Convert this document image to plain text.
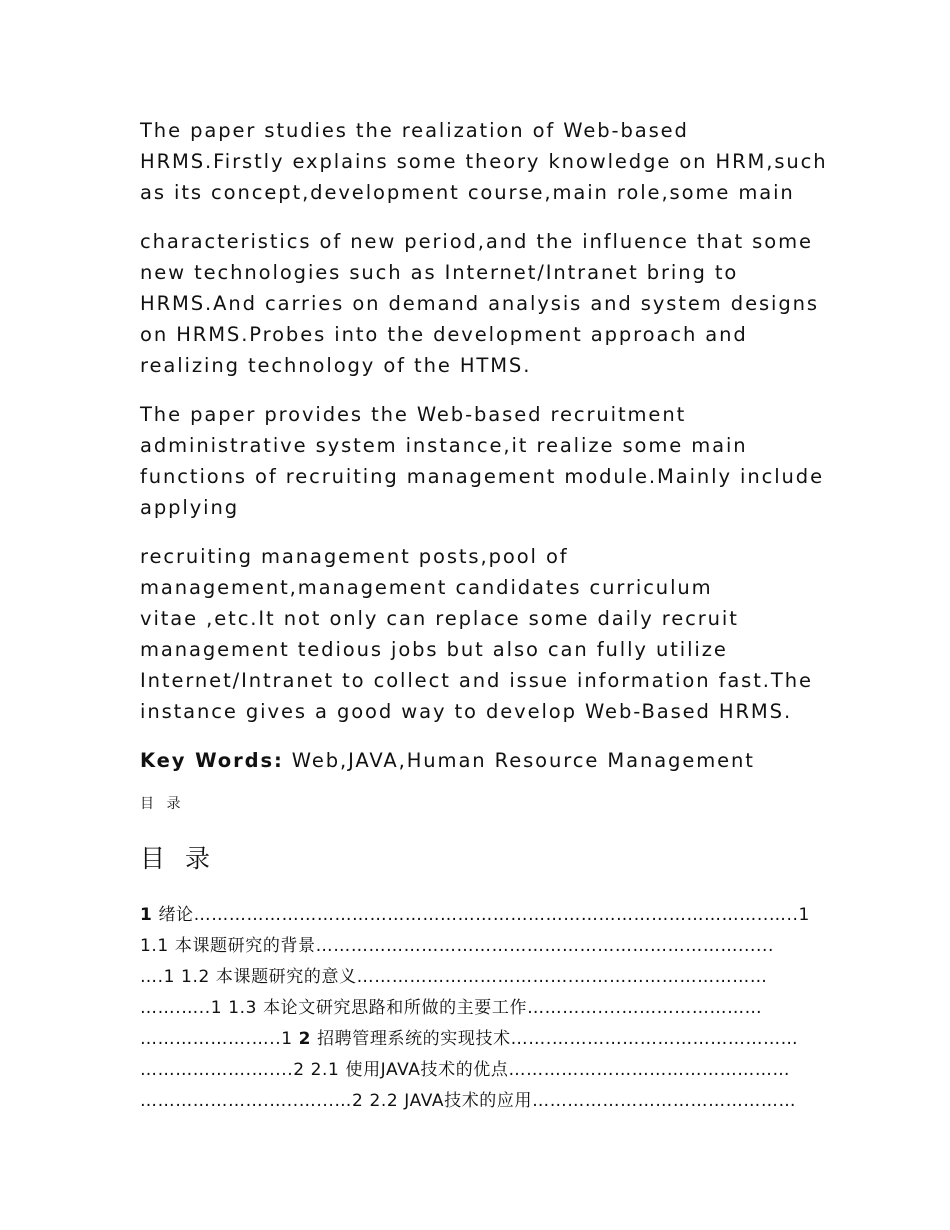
The paper studies the realization of Web-based
HRMS.Firstly explains some theory knowledge on HRM,such
as its concept,development course,main role,some main

characteristics of new period,and the influence that some
new technologies such as Internet/Intranet bring to
HRMS.And carries on demand analysis and system designs
on HRMS.Probes into the development approach and
realizing technology of the HTMS.

The paper provides the Web-based recruitment
administrative system instance,it realize some main
functions of recruiting management module.Mainly include
applying

recruiting management posts,pool of
management,management candidates curriculum
vitae ,etc.It not only can replace some daily recruit
management tedious jobs but also can fully utilize
Internet/Intranet to collect and issue information fast.The
instance gives a good way to develop Web-Based HRMS.

Key Words: Web,JAVA,Human Resource Management

目 录
目 录
1 绪论……………………………………………………………………………………..…..1
1.1 本课题研究的背景………………………………………………………………......
….1 1.2 本课题研究的意义……………………………….……………………………
…….…..1 1.3 本论文研究思路和所做的主要工作…………....……………………
……………….…..1 2 招聘管理系统的实现技术…….……………………………………
……………….…....2 2.1 使用JAVA技术的优点…………………………………………
………………….…..…...…2 2.2 JAVA技术的应用………………………………………
